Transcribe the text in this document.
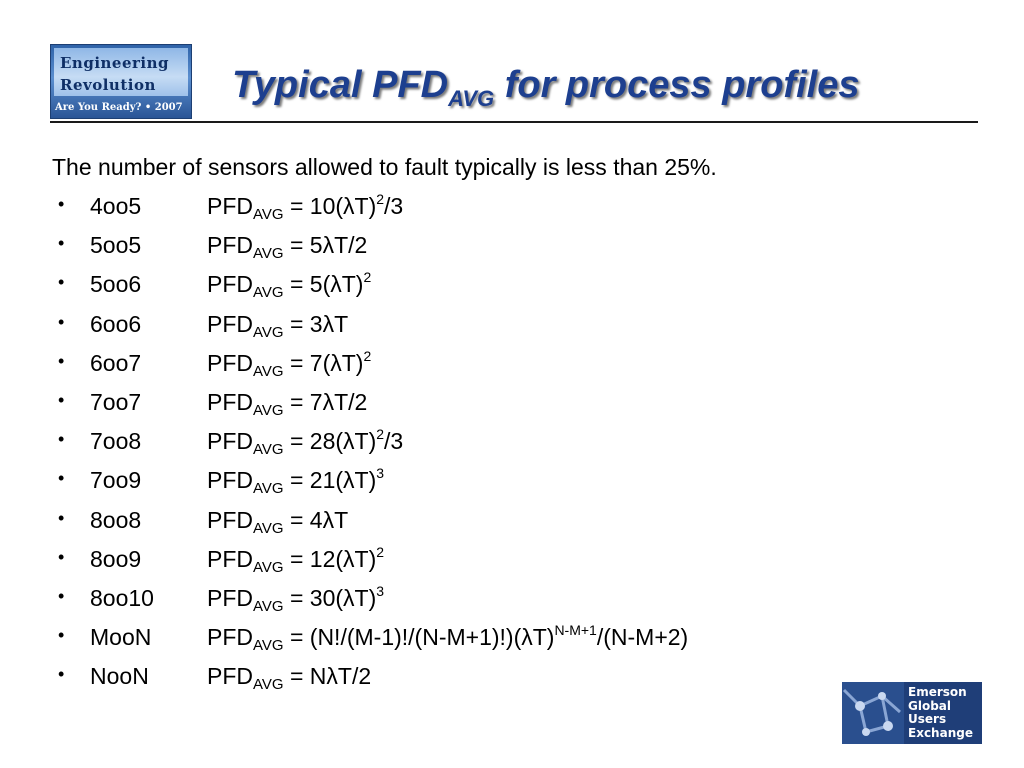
Engineering
Revolution
Are You Ready? • 2007
Typical $PFD_{AVG}$ for process profiles
The number of sensors allowed to fault typically is less than 25%.
• 4oo5	$PFD_{AVG} = 10(\lambda T)^2/3$
• 5oo5	$PFD_{AVG} = 5\lambda T/2$
• 5oo6	$PFD_{AVG} = 5(\lambda T)^2$
• 6oo6	$PFD_{AVG} = 3\lambda T$
• 6oo7	$PFD_{AVG} = 7(\lambda T)^2$
• 7oo7	$PFD_{AVG} = 7\lambda T/2$
• 7oo8	$PFD_{AVG} = 28(\lambda T)^2/3$
• 7oo9	$PFD_{AVG} = 21(\lambda T)^3$
• 8oo8	$PFD_{AVG} = 4\lambda T$
• 8oo9	$PFD_{AVG} = 12(\lambda T)^2$
• 8oo10 $PFD_{AVG} = 30(\lambda T)^3$
• MooN $PFD_{AVG} = (N!/(M-1)!/(N-M+1)!)(\lambda T)^{N-M+1}/(N-M+2)$
• NooN	$PFD_{AVG} = N\lambda T/2$
Emerson
Global
Users
Exchange
